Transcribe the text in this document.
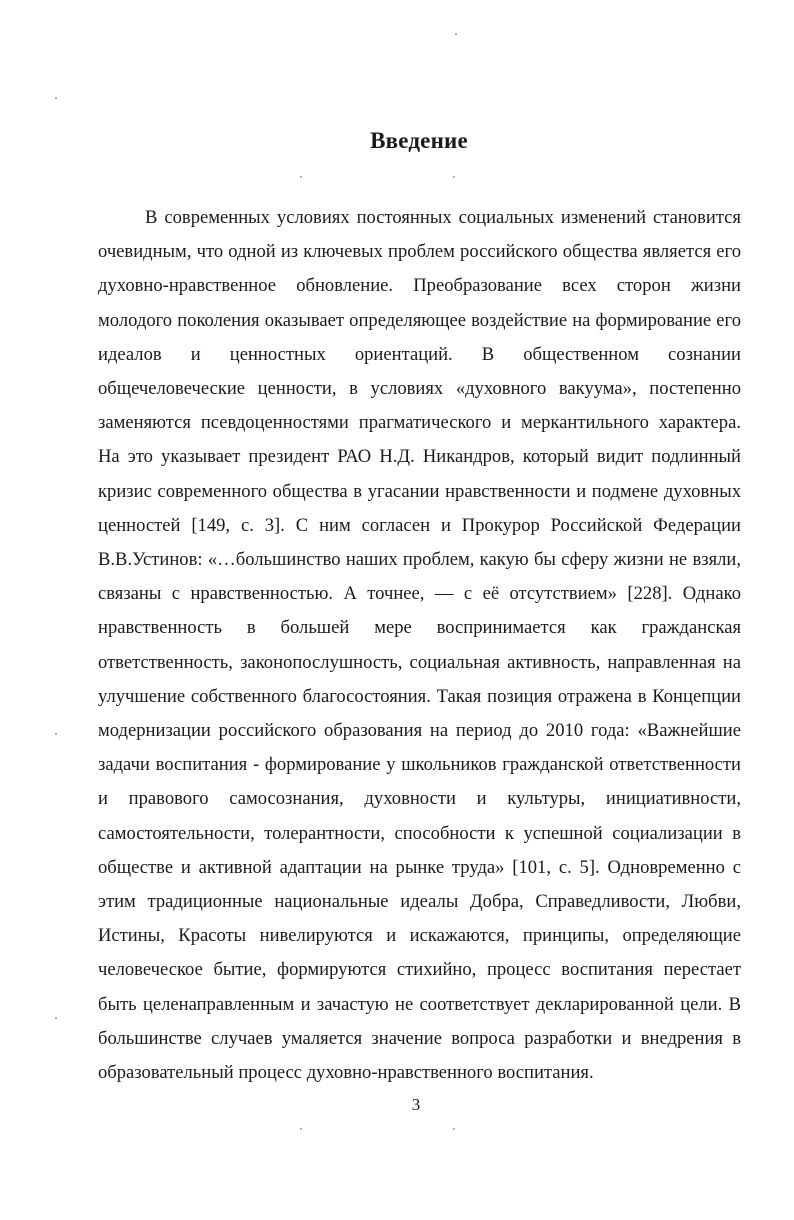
Введение

В современных условиях постоянных социальных изменений становится очевидным, что одной из ключевых проблем российского общества является его духовно-нравственное обновление. Преобразование всех сторон жизни молодого поколения оказывает определяющее воздействие на формирование его идеалов и ценностных ориентаций. В общественном сознании общечеловеческие ценности, в условиях «духовного вакуума», постепенно заменяются псевдоценностями прагматического и меркантильного характера. На это указывает президент РАО Н.Д. Никандров, который видит подлинный кризис современного общества в угасании нравственности и подмене духовных ценностей [149, с. 3]. С ним согласен и Прокурор Российской Федерации В.В.Устинов: «…большинство наших проблем, какую бы сферу жизни не взяли, связаны с нравственностью. А точнее, — с её отсутствием» [228]. Однако нравственность в большей мере воспринимается как гражданская ответственность, законопослушность, социальная активность, направленная на улучшение собственного благосостояния. Такая позиция отражена в Концепции модернизации российского образования на период до 2010 года: «Важнейшие задачи воспитания - формирование у школьников гражданской ответственности и правового самосознания, духовности и культуры, инициативности, самостоятельности, толерантности, способности к успешной социализации в обществе и активной адаптации на рынке труда» [101, с. 5]. Одновременно с этим традиционные национальные идеалы Добра, Справедливости, Любви, Истины, Красоты нивелируются и искажаются, принципы, определяющие человеческое бытие, формируются стихийно, процесс воспитания перестает быть целенаправленным и зачастую не соответствует декларированной цели. В большинстве случаев умаляется значение вопроса разработки и внедрения в образовательный процесс духовно-нравственного воспитания.

3
